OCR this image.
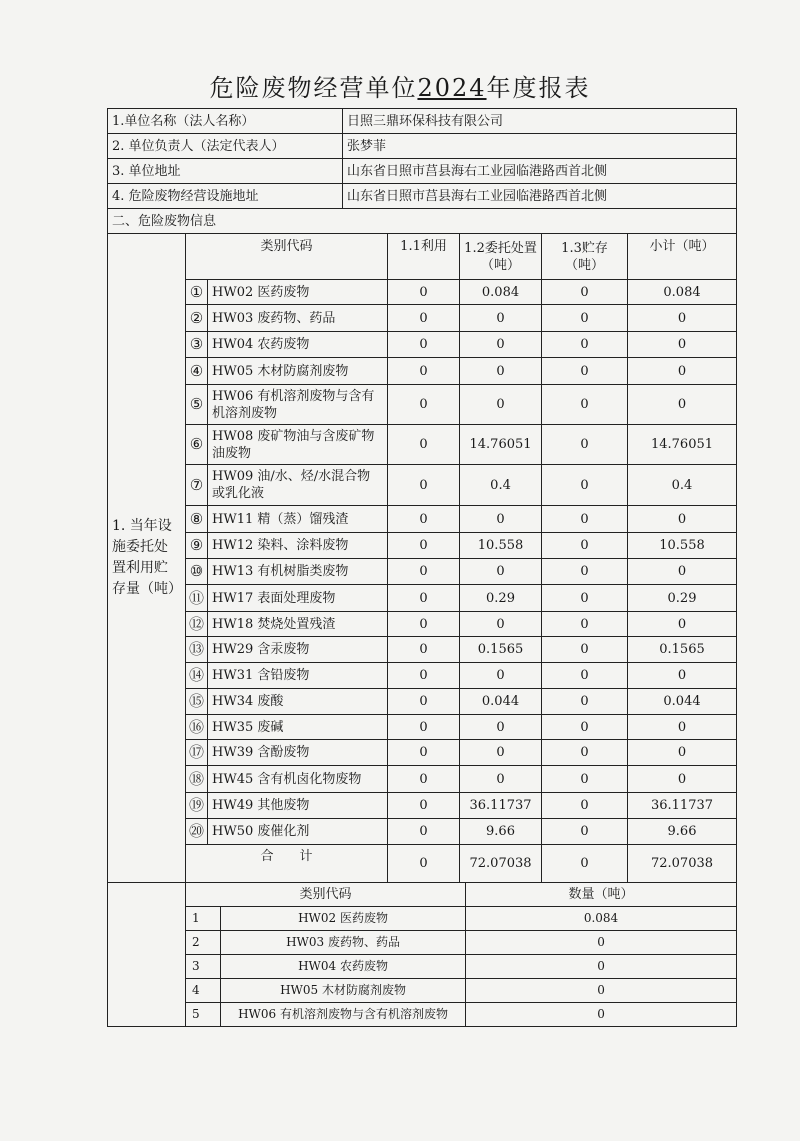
危险废物经营单位2024年度报表
1.单位名称（法人名称）	日照三鼎环保科技有限公司
2. 单位负责人（法定代表人）	张梦菲
3. 单位地址	山东省日照市莒县海右工业园临港路西首北侧
4. 危险废物经营设施地址	山东省日照市莒县海右工业园临港路西首北侧
二、危险废物信息	
1. 当年设施委托处置利用贮存量（吨）	类别代码		1.1利用	1.2委托处置（吨）	1.3贮存（吨）	小计（吨）
	①	HW02 医药废物	0	0.084	0	0.084
	②	HW03 废药物、药品	0	0	0	0
	③	HW04 农药废物	0	0	0	0
	④	HW05 木材防腐剂废物	0	0	0	0
	⑤	HW06 有机溶剂废物与含有机溶剂废物	0	0	0	0
	⑥	HW08 废矿物油与含废矿物油废物	0	14.76051	0	14.76051
	⑦	HW09 油/水、烃/水混合物或乳化液	0	0.4	0	0.4
	⑧	HW11 精（蒸）馏残渣	0	0	0	0
	⑨	HW12 染料、涂料废物	0	10.558	0	10.558
	⑩	HW13 有机树脂类废物	0	0	0	0
	⑪	HW17 表面处理废物	0	0.29	0	0.29
	⑫	HW18 焚烧处置残渣	0	0	0	0
	⑬	HW29 含汞废物	0	0.1565	0	0.1565
	⑭	HW31 含铅废物	0	0	0	0
	⑮	HW34 废酸	0	0.044	0	0.044
	⑯	HW35 废碱	0	0	0	0
	⑰	HW39 含酚废物	0	0	0	0
	⑱	HW45 含有机卤化物废物	0	0	0	0
	⑲	HW49 其他废物	0	36.11737	0	36.11737
	⑳	HW50 废催化剂	0	9.66	0	9.66
	合　　计		0	72.07038	0	72.07038
	类别代码		数量（吨）
	1	HW02 医药废物	0.084
	2	HW03 废药物、药品	0
	3	HW04 农药废物	0
	4	HW05 木材防腐剂废物	0
	5	HW06 有机溶剂废物与含有机溶剂废物	0
